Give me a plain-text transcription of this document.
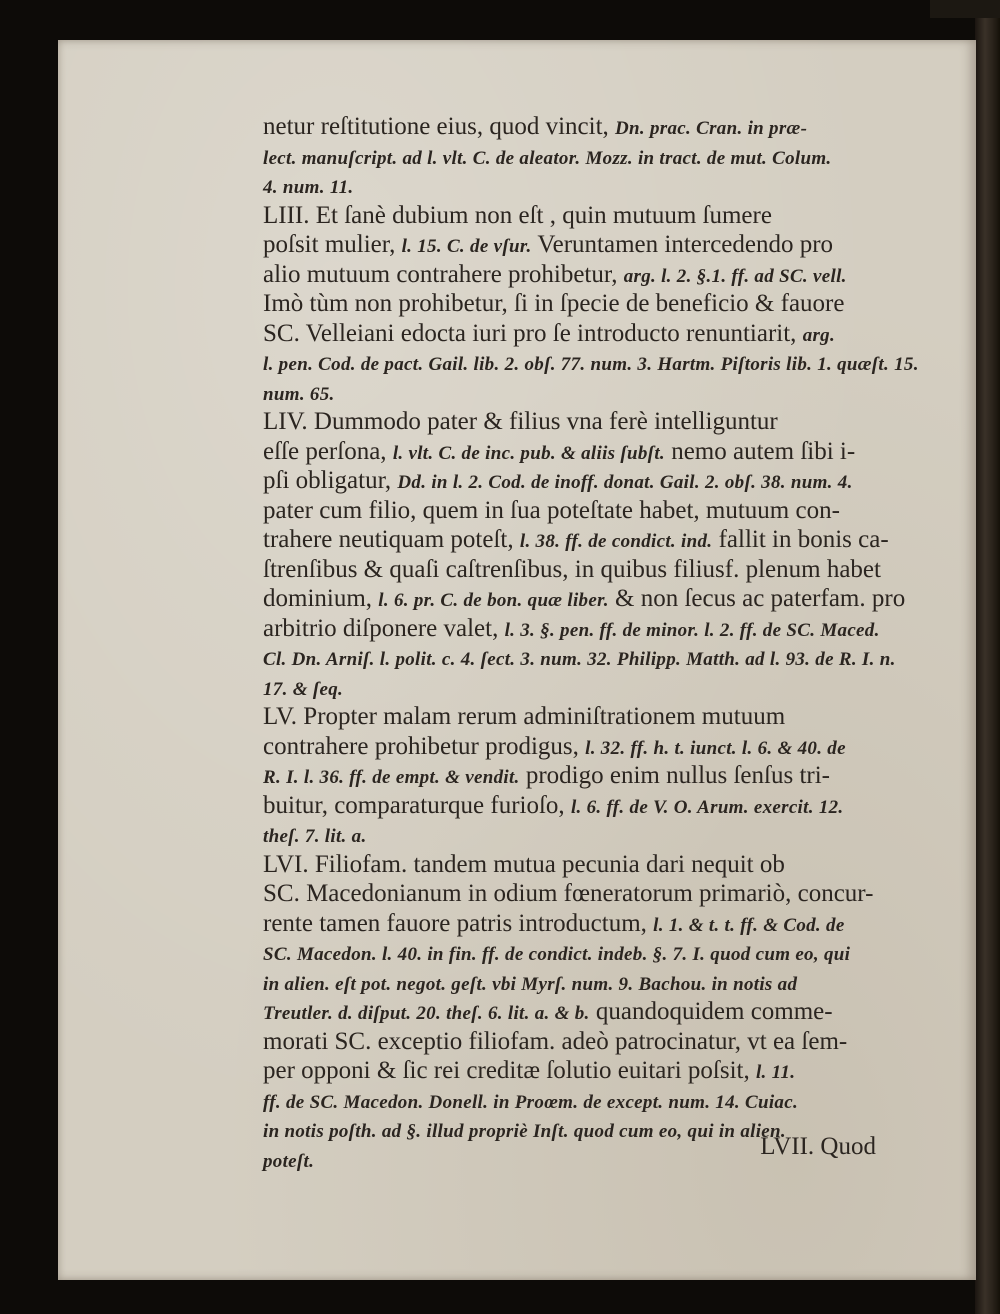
netur reſtitutione eius, quod vincit, Dn. prac. Cran. in præ-
lect. manuſcript. ad l. vlt. C. de aleator. Mozz. in tract. de mut. Colum.
4. num. 11.
LIII. Et ſanè dubium non eſt , quin mutuum ſumere
poſsit mulier, l. 15. C. de vſur. Veruntamen intercedendo pro
alio mutuum contrahere prohibetur, arg. l. 2. §.1. ff. ad SC. vell.
Imò tùm non prohibetur, ſi in ſpecie de beneficio & fauore
SC. Velleiani edocta iuri pro ſe introducto renuntiarit, arg.
l. pen. Cod. de pact. Gail. lib. 2. obſ. 77. num. 3. Hartm. Piſtoris lib. 1. quæſt. 15.
num. 65.
LIV. Dummodo pater & filius vna ferè intelliguntur
eſſe perſona, l. vlt. C. de inc. pub. & aliis ſubſt. nemo autem ſibi i-
pſi obligatur, Dd. in l. 2. Cod. de inoff. donat. Gail. 2. obſ. 38. num. 4.
pater cum filio, quem in ſua poteſtate habet, mutuum con-
trahere neutiquam poteſt, l. 38. ff. de condict. ind. fallit in bonis ca-
ſtrenſibus & quaſi caſtrenſibus, in quibus filiusf. plenum habet
dominium, l. 6. pr. C. de bon. quæ liber. & non ſecus ac paterfam. pro
arbitrio diſponere valet, l. 3. §. pen. ff. de minor. l. 2. ff. de SC. Maced.
Cl. Dn. Arniſ. l. polit. c. 4. ſect. 3. num. 32. Philipp. Matth. ad l. 93. de R. I. n.
17. & ſeq.
LV. Propter malam rerum adminiſtrationem mutuum
contrahere prohibetur prodigus, l. 32. ff. h. t. iunct. l. 6. & 40. de
R. I. l. 36. ff. de empt. & vendit. prodigo enim nullus ſenſus tri-
buitur, comparaturque furioſo, l. 6. ff. de V. O. Arum. exercit. 12.
theſ. 7. lit. a.
LVI. Filiofam. tandem mutua pecunia dari nequit ob
SC. Macedonianum in odium fœneratorum primariò, concur-
rente tamen fauore patris introductum, l. 1. & t. t. ff. & Cod. de
SC. Macedon. l. 40. in fin. ff. de condict. indeb. §. 7. I. quod cum eo, qui
in alien. eſt pot. negot. geſt. vbi Myrſ. num. 9. Bachou. in notis ad
Treutler. d. diſput. 20. theſ. 6. lit. a. & b. quandoquidem comme-
morati SC. exceptio filiofam. adeò patrocinatur, vt ea ſem-
per opponi & ſic rei creditæ ſolutio euitari poſsit, l. 11.
ff. de SC. Macedon. Donell. in Proœm. de except. num. 14. Cuiac.
in notis poſth. ad §. illud propriè Inſt. quod cum eo, qui in alien.
poteſt.
LVII. Quod
